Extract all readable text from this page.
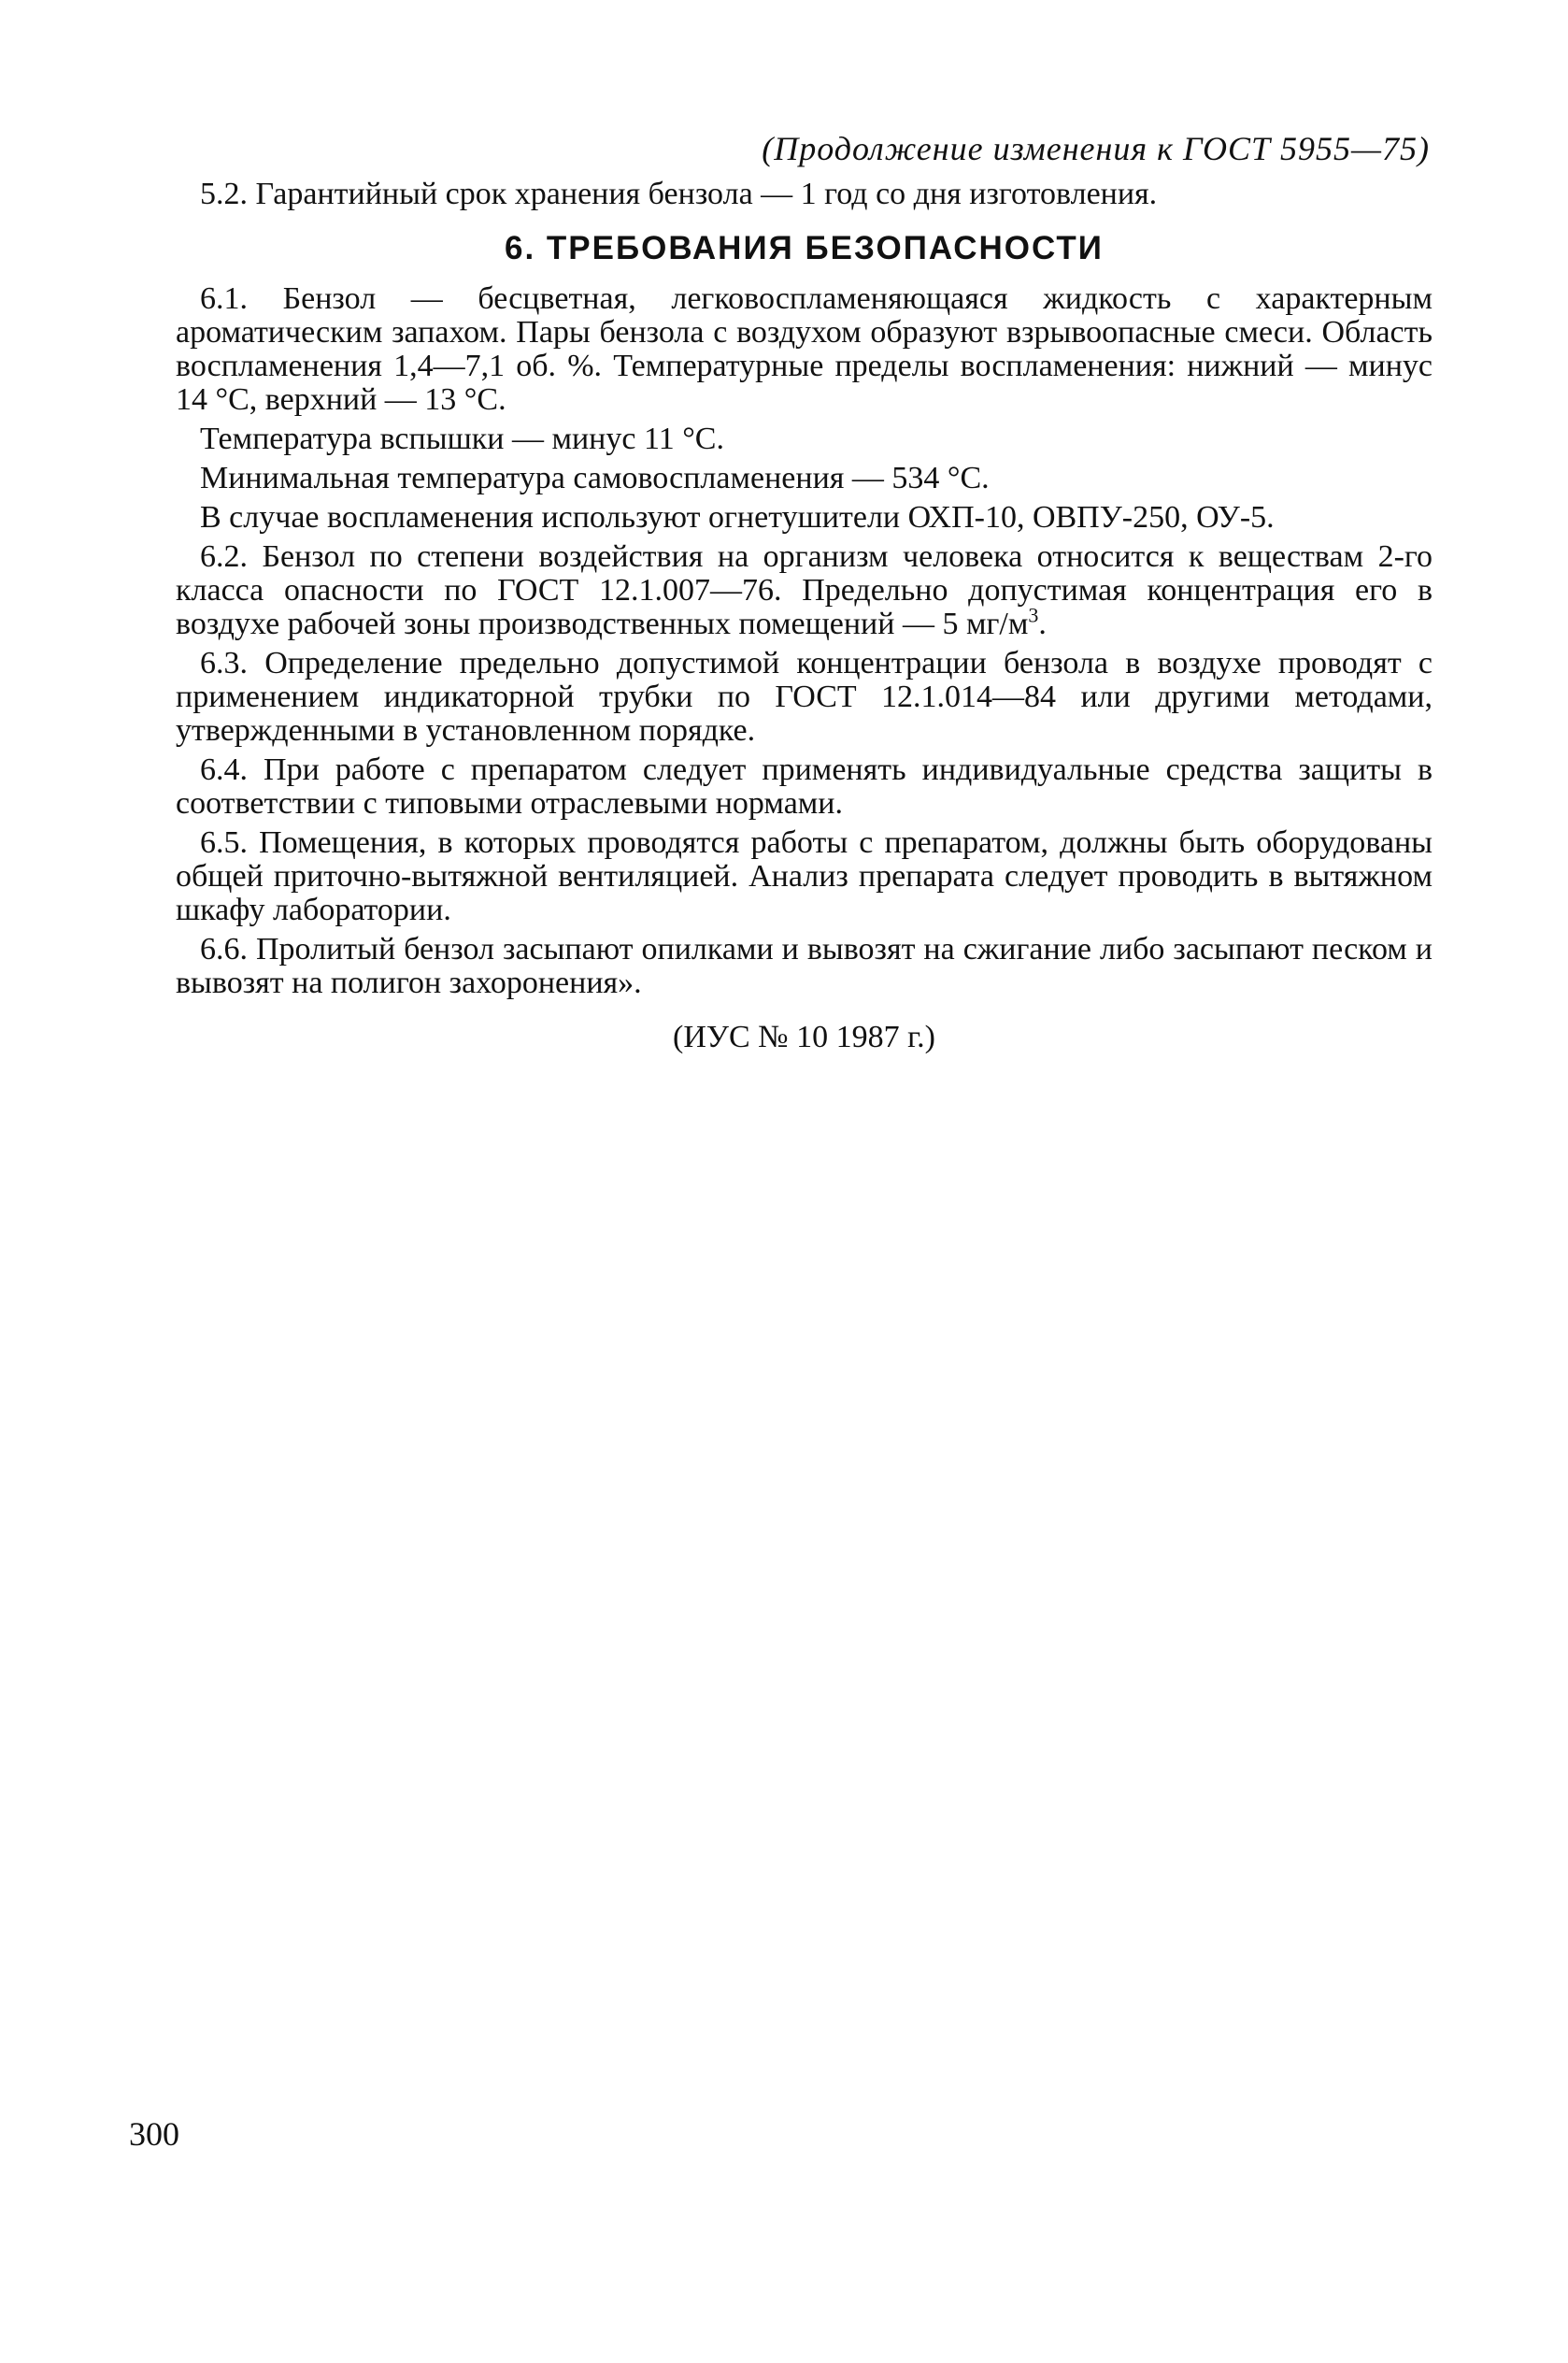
(Продолжение изменения к ГОСТ 5955—75)

5.2. Гарантийный срок хранения бензола — 1 год со дня изготовления.

6. ТРЕБОВАНИЯ БЕЗОПАСНОСТИ

6.1. Бензол — бесцветная, легковоспламеняющаяся жидкость с характерным ароматическим запахом. Пары бензола с воздухом образуют взрывоопасные смеси. Область воспламенения 1,4—7,1 об. %. Температурные пределы воспламенения: нижний — минус 14 °С, верхний — 13 °С.

Температура вспышки — минус 11 °С.

Минимальная температура самовоспламенения — 534 °С.

В случае воспламенения используют огнетушители ОХП-10, ОВПУ-250, ОУ-5.

6.2. Бензол по степени воздействия на организм человека относится к веществам 2-го класса опасности по ГОСТ 12.1.007—76. Предельно допустимая концентрация его в воздухе рабочей зоны производственных помещений — 5 $мг/м^3$.

6.3. Определение предельно допустимой концентрации бензола в воздухе проводят с применением индикаторной трубки по ГОСТ 12.1.014—84 или другими методами, утвержденными в установленном порядке.

6.4. При работе с препаратом следует применять индивидуальные средства защиты в соответствии с типовыми отраслевыми нормами.

6.5. Помещения, в которых проводятся работы с препаратом, должны быть оборудованы общей приточно-вытяжной вентиляцией. Анализ препарата следует проводить в вытяжном шкафу лаборатории.

6.6. Пролитый бензол засыпают опилками и вывозят на сжигание либо засыпают песком и вывозят на полигон захоронения».

(ИУС № 10 1987 г.)
300
